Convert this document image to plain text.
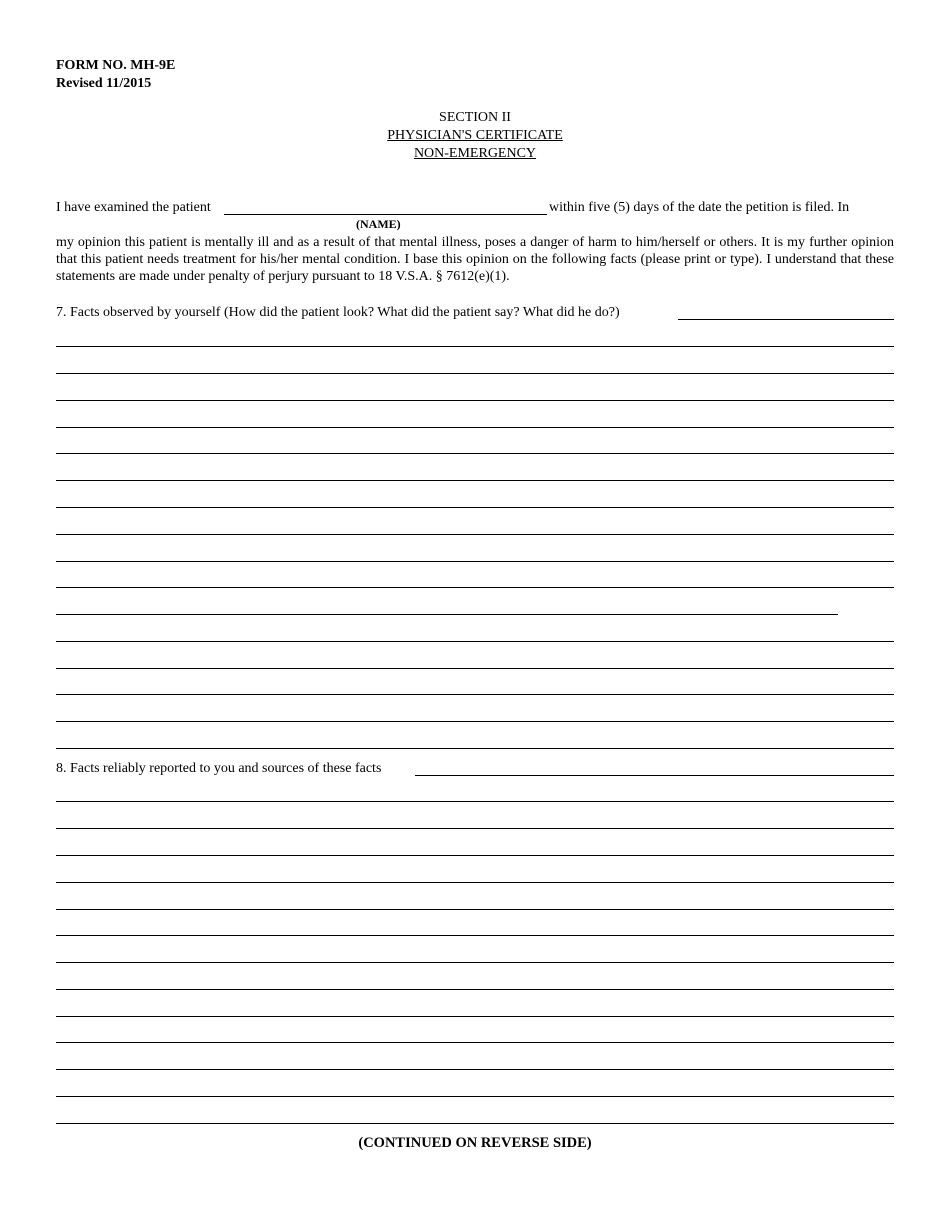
FORM NO. MH-9E
Revised 11/2015
SECTION II
PHYSICIAN'S CERTIFICATE
NON-EMERGENCY
I have examined the patient	within five (5) days of the date the petition is filed. In
(NAME)
my opinion this patient is mentally ill and as a result of that mental illness, poses a danger of harm to him/herself or others. It is my further opinion that this patient needs treatment for his/her mental condition. I base this opinion on the following facts (please print or type). I understand that these statements are made under penalty of perjury pursuant to 18 V.S.A. § 7612(e)(1).
7. Facts observed by yourself (How did the patient look? What did the patient say? What did he do?)
8. Facts reliably reported to you and sources of these facts
(CONTINUED ON REVERSE SIDE)
